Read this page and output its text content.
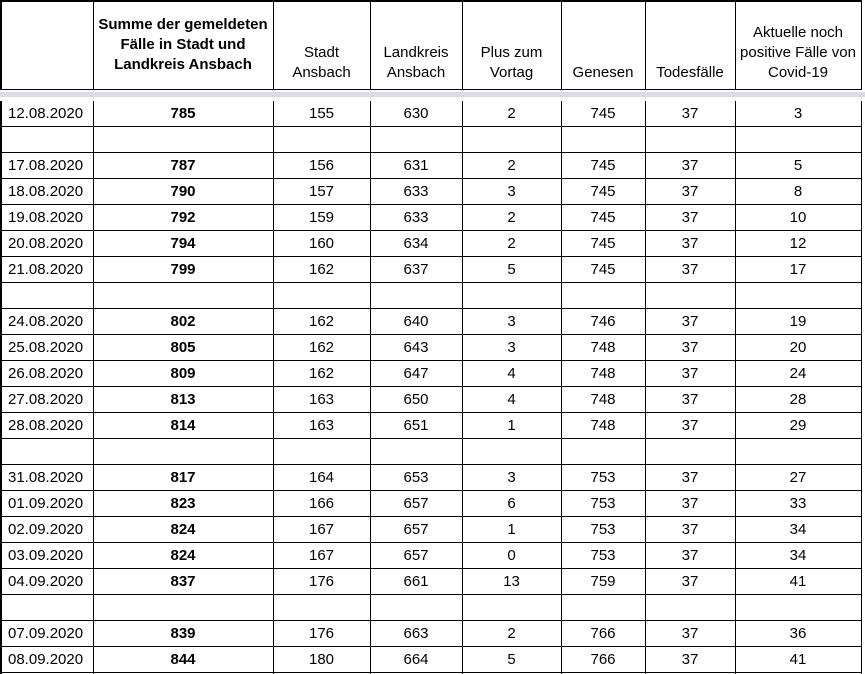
	Summe der gemeldeten Fälle in Stadt und Landkreis Ansbach	Stadt Ansbach	Landkreis Ansbach	Plus zum Vortag	Genesen	Todesfälle	Aktuelle noch positive Fälle von Covid-19
12.08.2020	785	155	630	2	745	37	3

17.08.2020	787	156	631	2	745	37	5
18.08.2020	790	157	633	3	745	37	8
19.08.2020	792	159	633	2	745	37	10
20.08.2020	794	160	634	2	745	37	12
21.08.2020	799	162	637	5	745	37	17

24.08.2020	802	162	640	3	746	37	19
25.08.2020	805	162	643	3	748	37	20
26.08.2020	809	162	647	4	748	37	24
27.08.2020	813	163	650	4	748	37	28
28.08.2020	814	163	651	1	748	37	29

31.08.2020	817	164	653	3	753	37	27
01.09.2020	823	166	657	6	753	37	33
02.09.2020	824	167	657	1	753	37	34
03.09.2020	824	167	657	0	753	37	34
04.09.2020	837	176	661	13	759	37	41

07.09.2020	839	176	663	2	766	37	36
08.09.2020	844	180	664	5	766	37	41
